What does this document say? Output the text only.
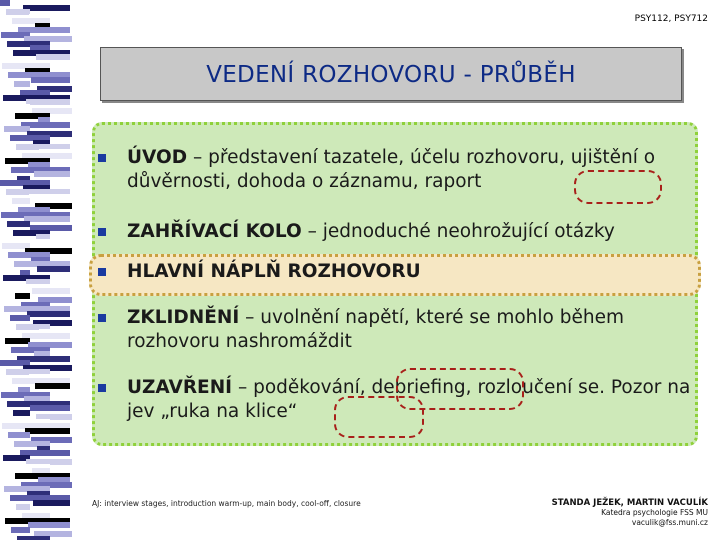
PSY112, PSY712
VEDENÍ ROZHOVORU - PRŮBĚH
ÚVOD – představení tazatele, účelu rozhovoru, ujištění o důvěrnosti, dohoda o záznamu, raport
ZAHŘÍVACÍ KOLO – jednoduché neohrožující otázky
HLAVNÍ NÁPLŇ ROZHOVORU
ZKLIDNĚNÍ – uvolnění napětí, které se mohlo během rozhovoru nashromáždit
UZAVŘENÍ – poděkování, debriefing, rozloučení se. Pozor na jev „ruka na klice“
AJ: interview stages, introduction warm-up, main body, cool-off, closure	STANDA JEŽEK, MARTIN VACULÍK
Katedra psychologie FSS MU
vaculik@fss.muni.cz
